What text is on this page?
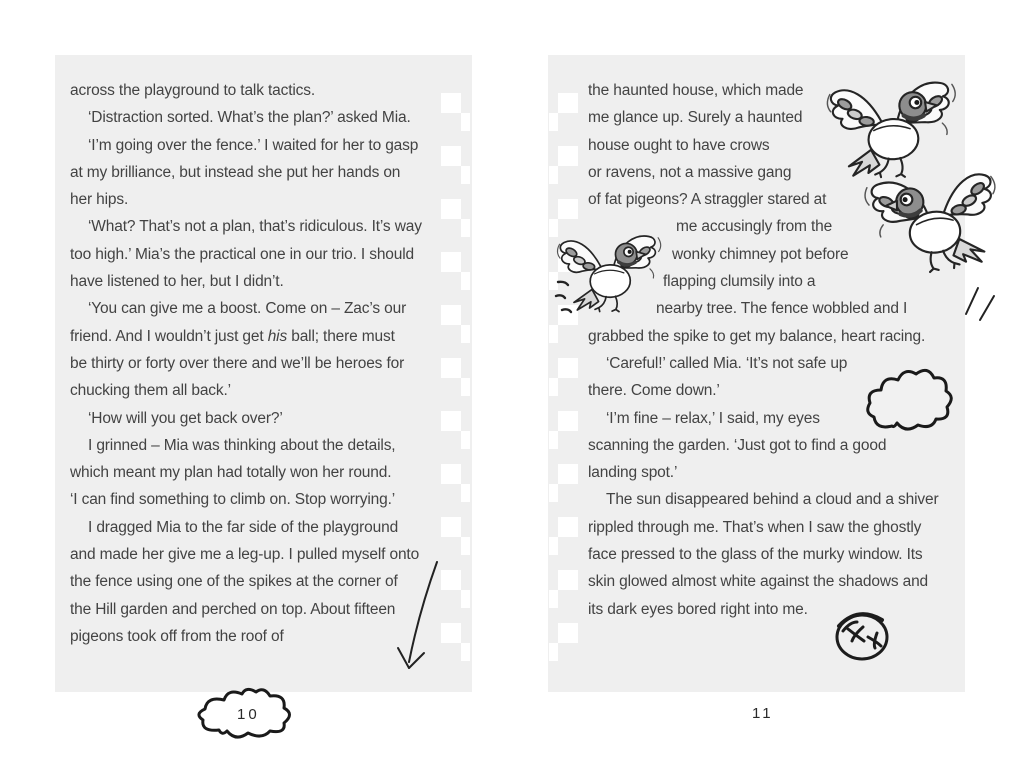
across the playground to talk tactics.
‘Distraction sorted. What’s the plan?’ asked Mia.
‘I’m going over the fence.’ I waited for her to gasp
at my brilliance, but instead she put her hands on
her hips.
‘What? That’s not a plan, that’s ridiculous. It’s way
too high.’ Mia’s the practical one in our trio. I should
have listened to her, but I didn’t.
‘You can give me a boost. Come on – Zac’s our
friend. And I wouldn’t just get his ball; there must
be thirty or forty over there and we’ll be heroes for
chucking them all back.’
‘How will you get back over?’
I grinned – Mia was thinking about the details,
which meant my plan had totally won her round.
‘I can find something to climb on. Stop worrying.’
I dragged Mia to the far side of the playground
and made her give me a leg-up. I pulled myself onto
the fence using one of the spikes at the corner of
the Hill garden and perched on top. About fifteen
pigeons took off from the roof of
the haunted house, which made
me glance up. Surely a haunted
house ought to have crows
or ravens, not a massive gang
of fat pigeons? A straggler stared at
me accusingly from the
wonky chimney pot before
flapping clumsily into a
nearby tree. The fence wobbled and I
grabbed the spike to get my balance, heart racing.
‘Careful!’ called Mia. ‘It’s not safe up
there. Come down.’
‘I’m fine – relax,’ I said, my eyes
scanning the garden. ‘Just got to find a good
landing spot.’
The sun disappeared behind a cloud and a shiver
rippled through me. That’s when I saw the ghostly
face pressed to the glass of the murky window. Its
skin glowed almost white against the shadows and
its dark eyes bored right into me.
10	11
